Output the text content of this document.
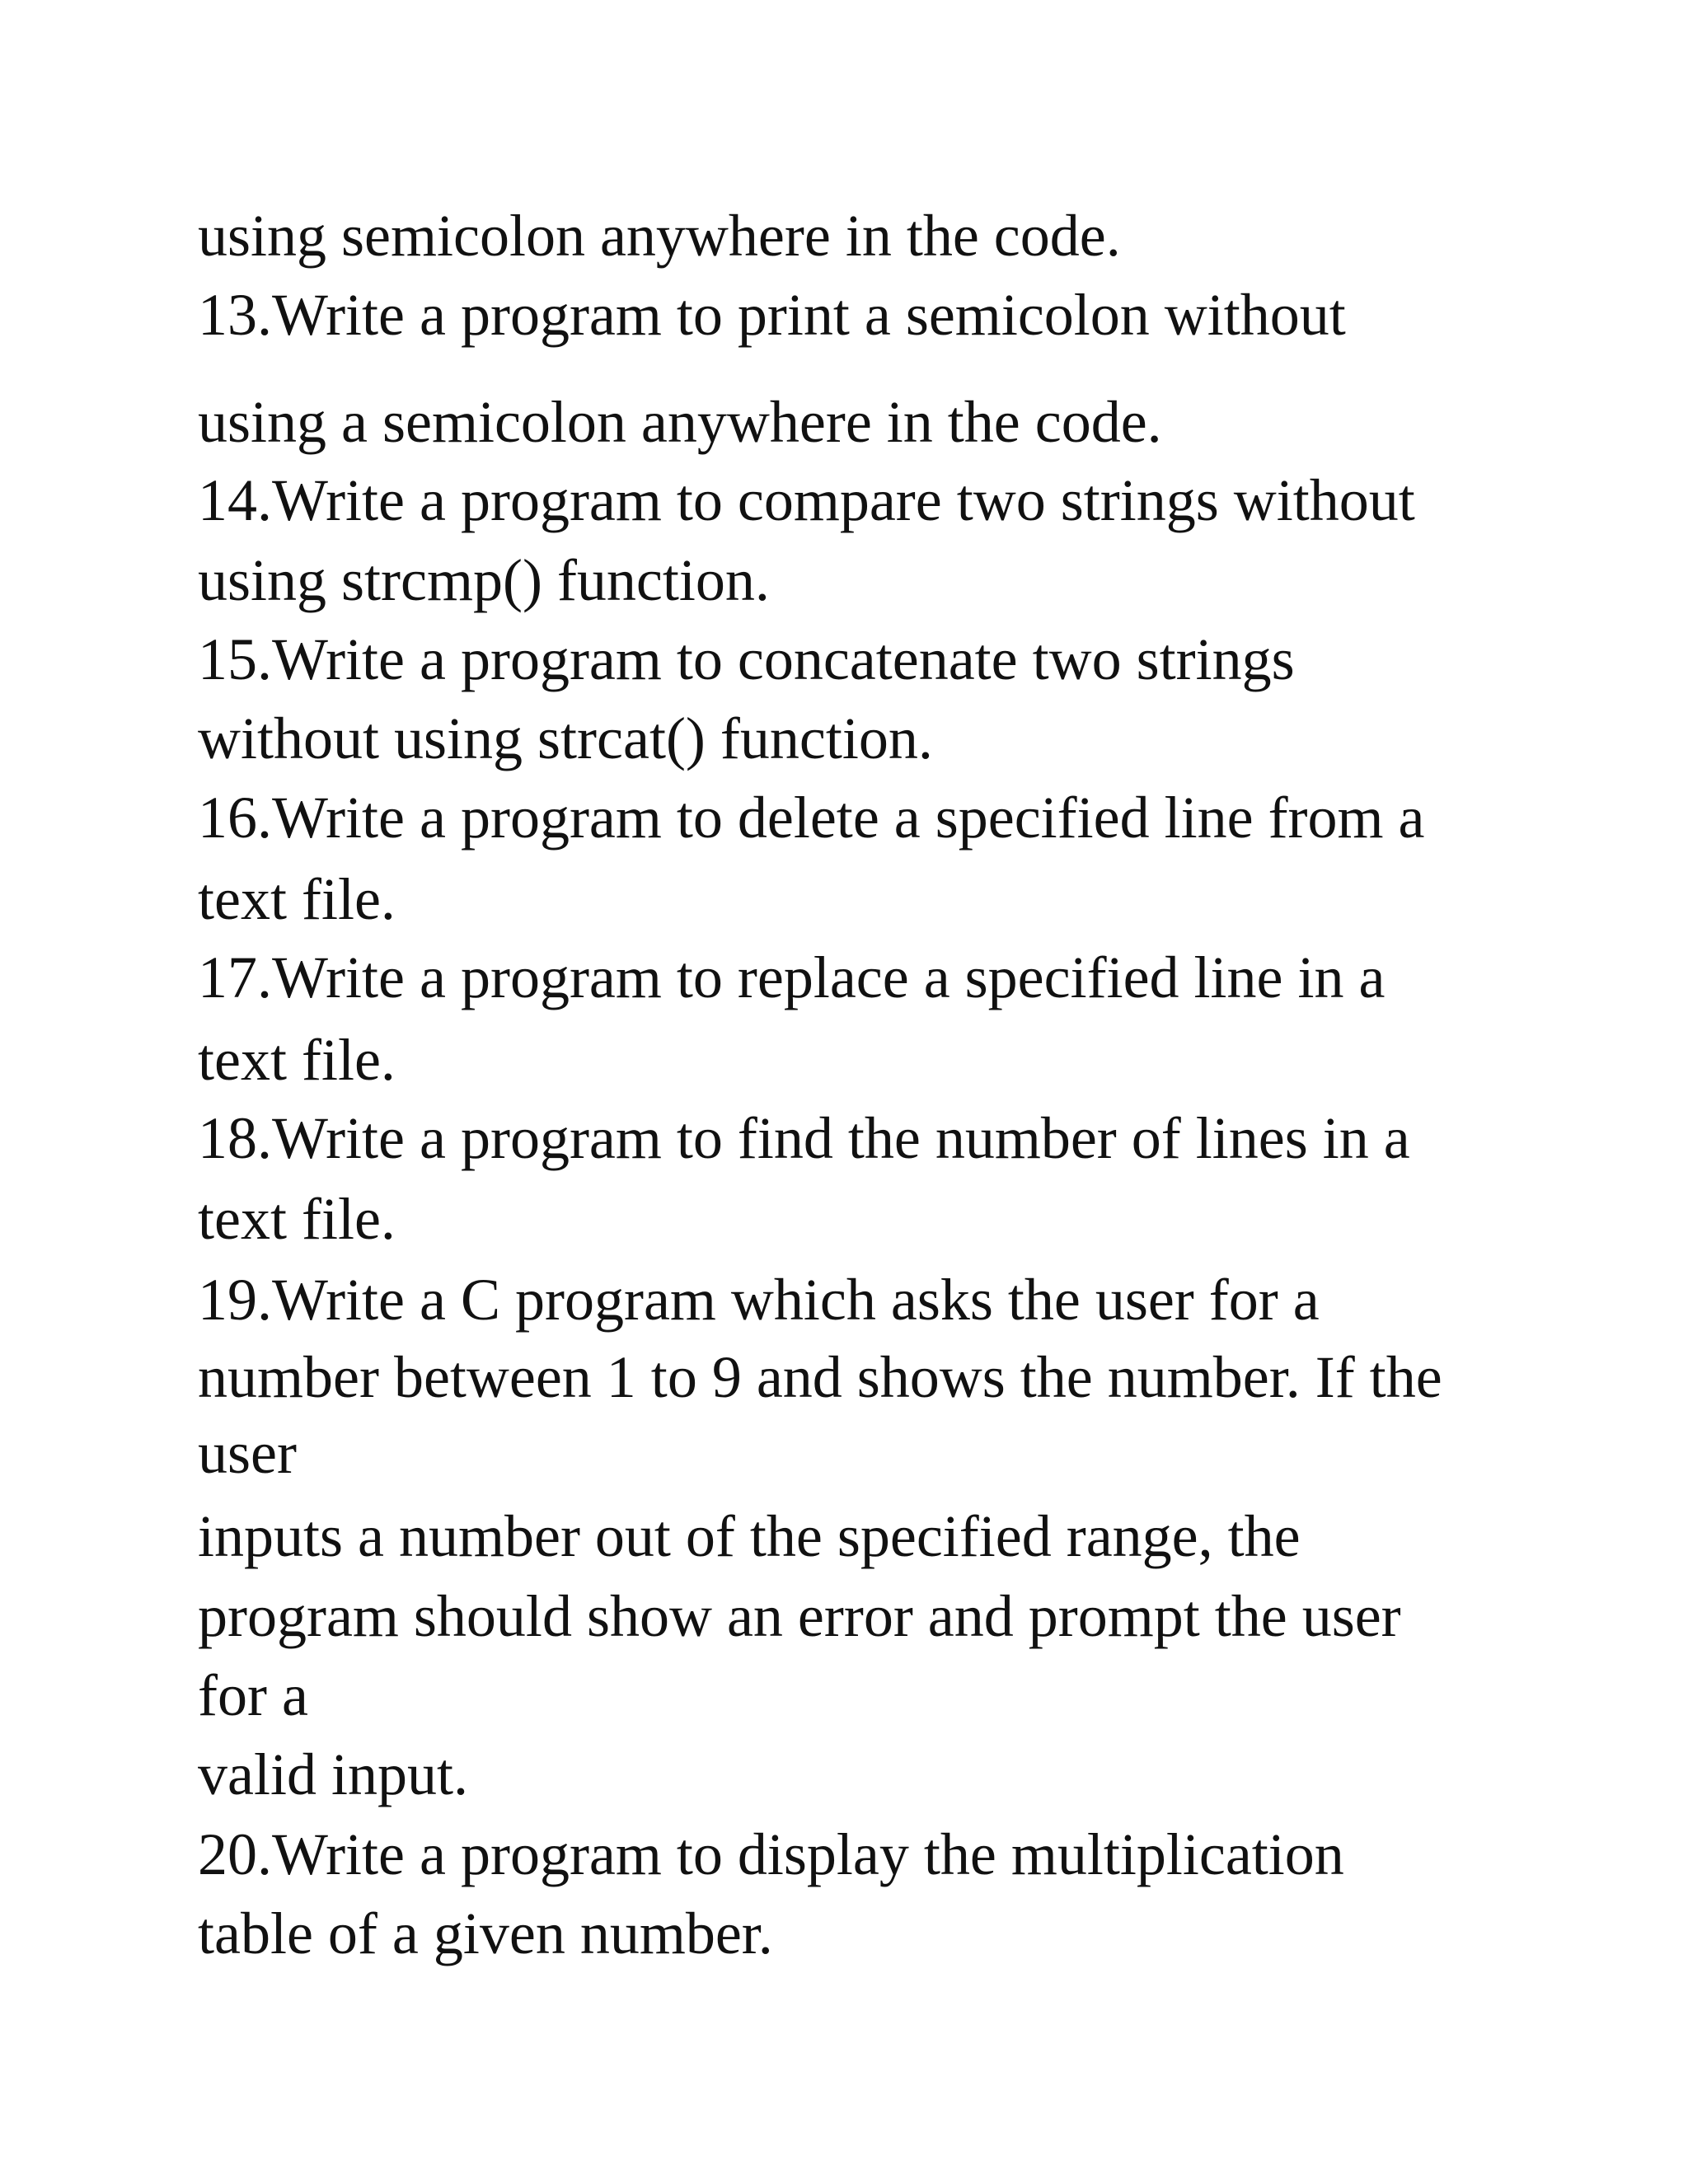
using semicolon anywhere in the code.

13.Write a program to print a semicolon without

using a semicolon anywhere in the code.

14.Write a program to compare two strings without

using strcmp() function.

15.Write a program to concatenate two strings

without using strcat() function.

16.Write a program to delete a specified line from a

text file.

17.Write a program to replace a specified line in a

text file.

18.Write a program to find the number of lines in a

text file.

19.Write a C program which asks the user for a

number between 1 to 9 and shows the number. If the

user

inputs a number out of the specified range, the

program should show an error and prompt the user

for a

valid input.

20.Write a program to display the multiplication

table of a given number.
